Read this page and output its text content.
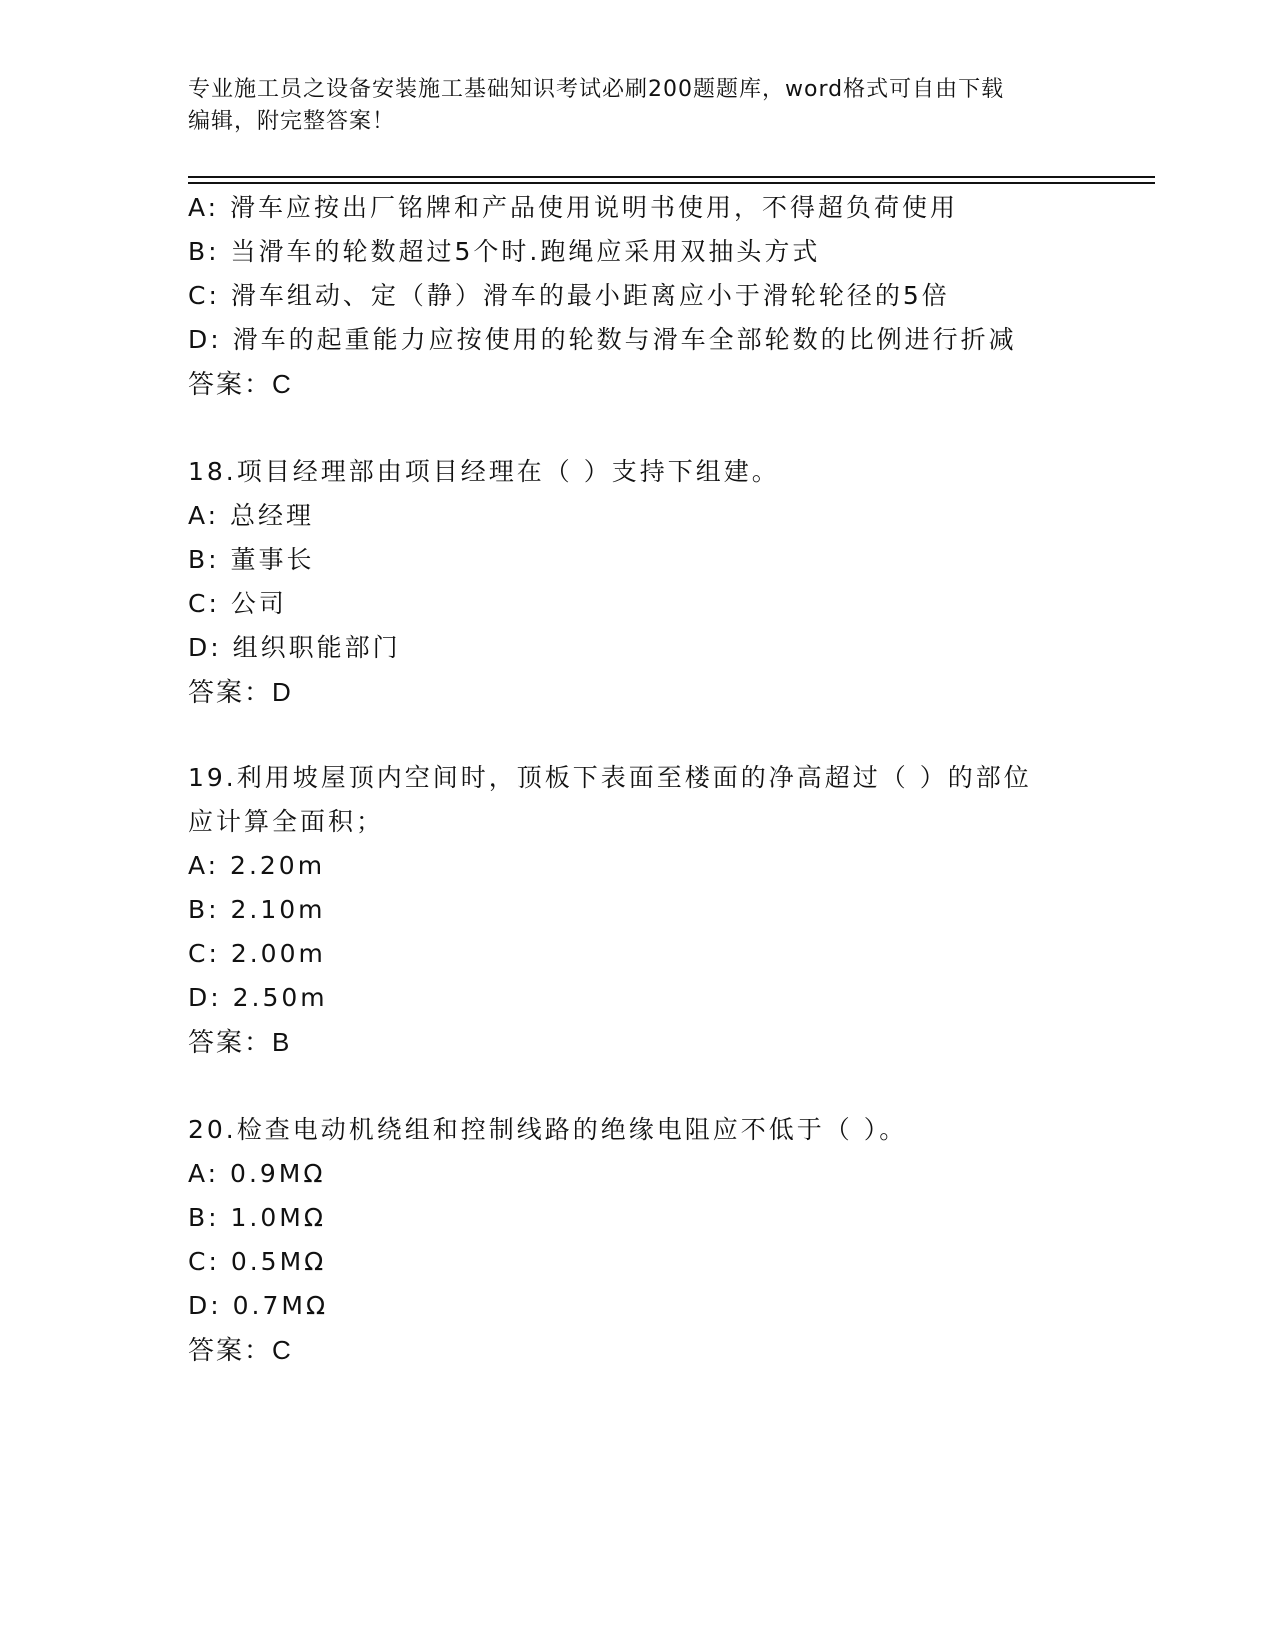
专业施工员之设备安装施工基础知识考试必刷200题题库，word格式可自由下载
编辑，附完整答案！
A: 滑车应按出厂铭牌和产品使用说明书使用，不得超负荷使用
B: 当滑车的轮数超过5个时.跑绳应采用双抽头方式
C: 滑车组动、定（静）滑车的最小距离应小于滑轮轮径的5倍
D: 滑车的起重能力应按使用的轮数与滑车全部轮数的比例进行折减
答案：C
18.项目经理部由项目经理在（ ）支持下组建。
A: 总经理
B: 董事长
C: 公司
D: 组织职能部门
答案：D
19.利用坡屋顶内空间时，顶板下表面至楼面的净高超过（ ）的部位
应计算全面积；
A: 2.20m
B: 2.10m
C: 2.00m
D: 2.50m
答案：B
20.检查电动机绕组和控制线路的绝缘电阻应不低于（ ）。
A: 0.9MΩ
B: 1.0MΩ
C: 0.5MΩ
D: 0.7MΩ
答案：C
